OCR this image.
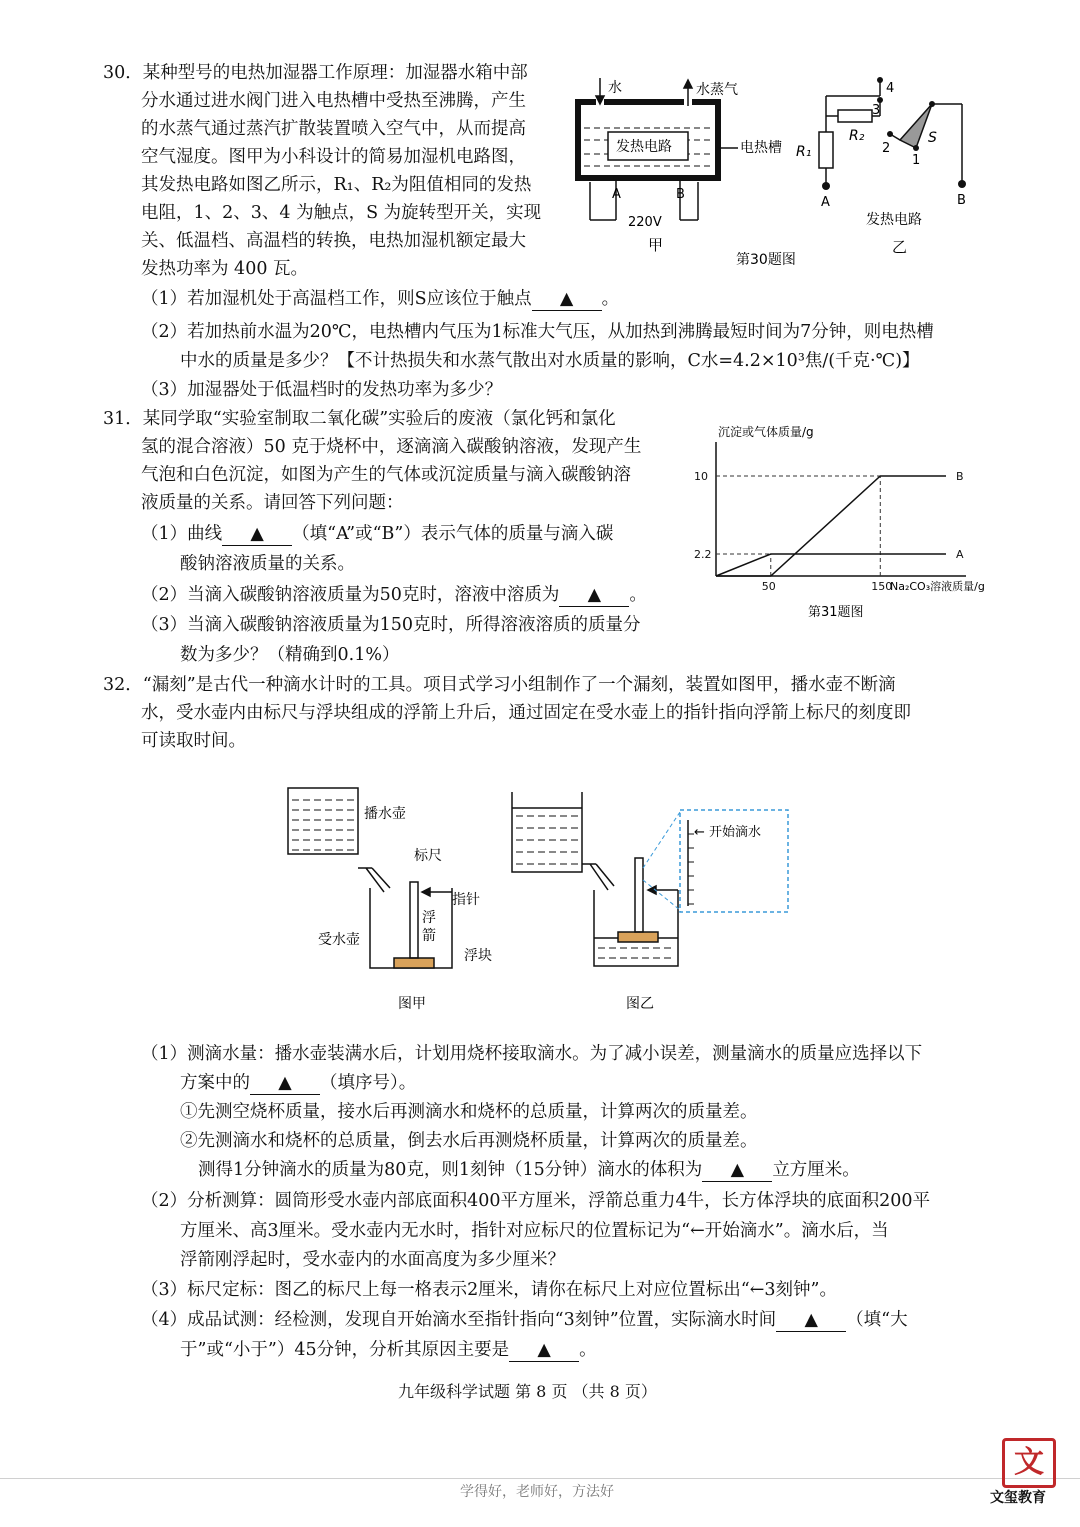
30．某种型号的电热加湿器工作原理：加湿器水箱中部
分水通过进水阀门进入电热槽中受热至沸腾，产生
的水蒸气通过蒸汽扩散装置喷入空气中，从而提高
空气湿度。图甲为小科设计的简易加湿机电路图，
其发热电路如图乙所示，R₁、R₂为阻值相同的发热
电阻，1、2、3、4 为触点，S 为旋转型开关，实现
关、低温档、高温档的转换，电热加湿机额定最大
发热功率为 400 瓦。
水	水蒸气
发热电路	电热槽
A	B
220V
甲
R₁
R₂
4
3
2
1
S
A	B
发热电路
乙
第30题图
（1）若加湿机处于高温档工作，则S应该位于触点 ▲ 。
（2）若加热前水温为20℃，电热槽内气压为1标准大气压，从加热到沸腾最短时间为7分钟，则电热槽
中水的质量是多少？【不计热损失和水蒸气散出对水质量的影响，C水=4.2×10³焦/(千克·℃)】
（3）加湿器处于低温档时的发热功率为多少？
31．某同学取“实验室制取二氧化碳”实验后的废液（氯化钙和氯化
氢的混合溶液）50 克于烧杯中，逐滴滴入碳酸钠溶液，发现产生
气泡和白色沉淀，如图为产生的气体或沉淀质量与滴入碳酸钠溶
液质量的关系。请回答下列问题：
（1）曲线 ▲ （填“A”或“B”）表示气体的质量与滴入碳
酸钠溶液质量的关系。
（2）当滴入碳酸钠溶液质量为50克时，溶液中溶质为 ▲ 。
（3）当滴入碳酸钠溶液质量为150克时，所得溶液溶质的质量分
数为多少？（精确到0.1%）
沉淀或气体质量/g
Na₂CO₃溶液质量/g
2.2
10
50	150
A
B
第31题图
32．“漏刻”是古代一种滴水计时的工具。项目式学习小组制作了一个漏刻，装置如图甲，播水壶不断滴
水，受水壶内由标尺与浮块组成的浮箭上升后，通过固定在受水壶上的指针指向浮箭上标尺的刻度即
可读取时间。
播水壶
标尺
指针
浮
箭
受水壶
浮块
图甲	图乙
← 开始滴水
（1）测滴水量：播水壶装满水后，计划用烧杯接取滴水。为了减小误差，测量滴水的质量应选择以下
方案中的 ▲ （填序号）。
①先测空烧杯质量，接水后再测滴水和烧杯的总质量，计算两次的质量差。
②先测滴水和烧杯的总质量，倒去水后再测烧杯质量，计算两次的质量差。
测得1分钟滴水的质量为80克，则1刻钟（15分钟）滴水的体积为 ▲ 立方厘米。
（2）分析测算：圆筒形受水壶内部底面积400平方厘米，浮箭总重力4牛，长方体浮块的底面积200平
方厘米、高3厘米。受水壶内无水时，指针对应标尺的位置标记为“←开始滴水”。滴水后，当
浮箭刚浮起时，受水壶内的水面高度为多少厘米？
（3）标尺定标：图乙的标尺上每一格表示2厘米，请你在标尺上对应位置标出“←3刻钟”。
（4）成品试测：经检测，发现自开始滴水至指针指向“3刻钟”位置，实际滴水时间 ▲ （填“大
于”或“小于”）45分钟，分析其原因主要是 ▲ 。
九年级科学试题 第 8 页 （共 8 页）
学得好，老师好，方法好
文
文玺教育
